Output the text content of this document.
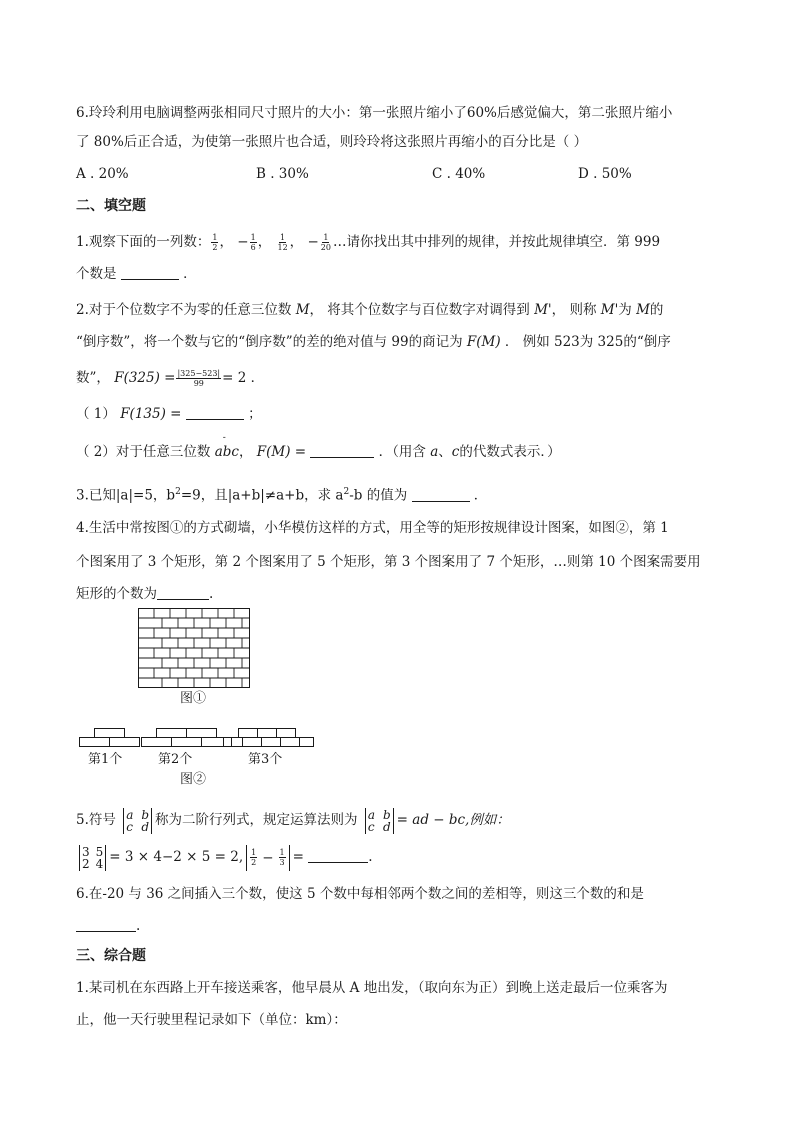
6.玲玲利用电脑调整两张相同尺寸照片的大小：第一张照片缩小了60%后感觉偏大，第二张照片缩小
了 80%后正合适，为使第一张照片也合适，则玲玲将这张照片再缩小的百分比是（ ）
A . 20%	B . 30%	C . 40%	D . 50%
二、填空题
1.观察下面的一列数： $\frac{1}{2}$ ， − $\frac{1}{6}$ ， $\frac{1}{12}$ ， − $\frac{1}{20}$ …请你找出其中排列的规律，并按此规律填空．第 999
个数是	．
2.对于个位数字不为零的任意三位数 M， 将其个位数字与百位数字对调得到 M'， 则称 M'为 M的
“倒序数”，将一个数与它的“倒序数”的差的绝对值与 99的商记为 F(M) ． 例如 523为 325的“倒序
数”， $F(325) = \frac{|325-523|}{99} = 2$ ．
（ 1） F(135) =	；
（ 2）对于任意三位数 abc
-
， F(M) =	．（用含 a、c的代数式表示．）
3.已知|a|=5，$b^2=9$，且|a+b|≠a+b，求 $a^2-b$ 的值为	．
4.生活中常按图①的方式砌墙，小华模仿这样的方式，用全等的矩形按规律设计图案，如图②，第 1
个图案用了 3 个矩形，第 2 个图案用了 5 个矩形，第 3 个图案用了 7 个矩形，…则第 10 个图案需要用
矩形的个数为	.
图①
第1个	第2个	第3个
图②
5.符号 a b
c d 称为二阶行列式，规定运算法则为 a b
c d = ad − bc,例如：
3 5
2 4 = 3 × 4−2 × 5 = 2, $\frac{1}{2} - \frac{1}{3}$ =	.
6.在-20 与 36 之间插入三个数，使这 5 个数中每相邻两个数之间的差相等，则这三个数的和是
.
三、综合题
1.某司机在东西路上开车接送乘客，他早晨从 A 地出发，（取向东为正）到晚上送走最后一位乘客为
止，他一天行驶里程记录如下（单位：km）：
